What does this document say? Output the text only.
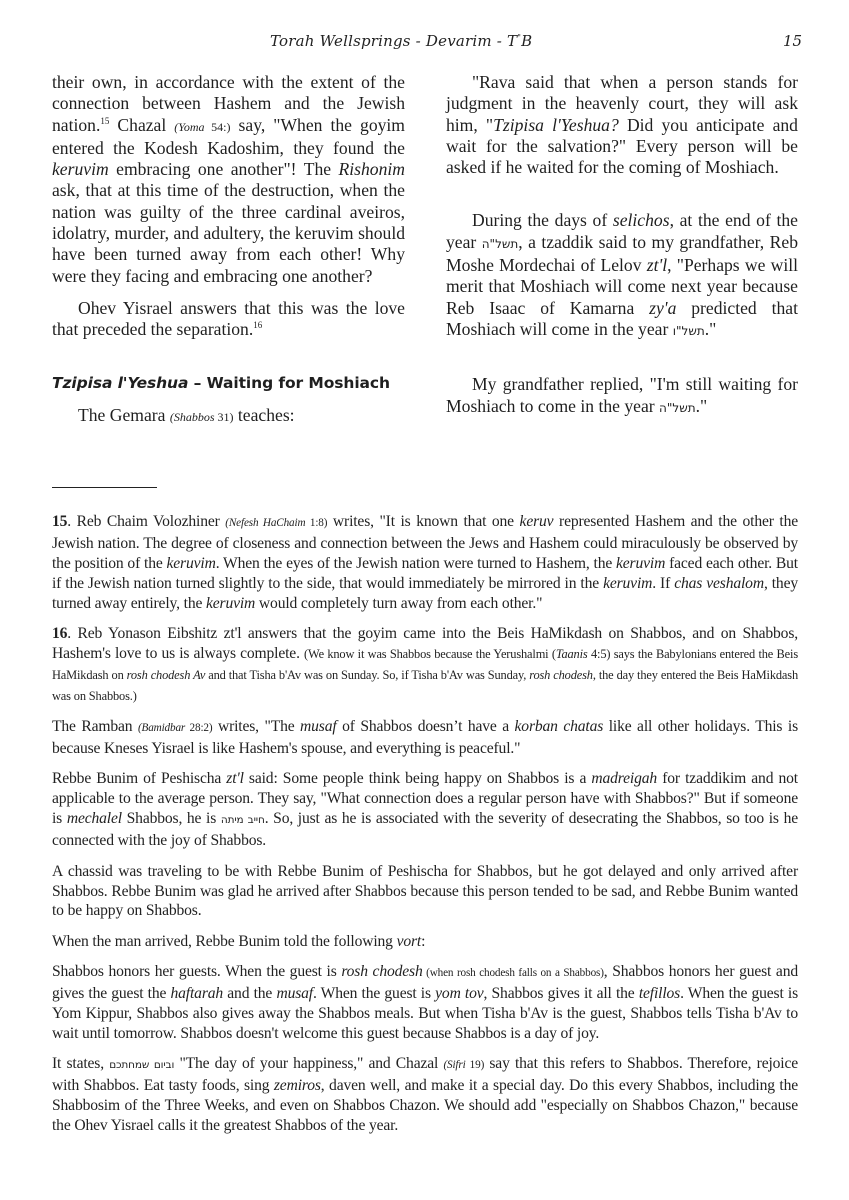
Torah Wellsprings - Devarim - T"B	15

their own, in accordance with the extent of the connection between Hashem and the Jewish nation.$^{15}$ Chazal (Yoma 54:) say, "When the goyim entered the Kodesh Kadoshim, they found the keruvim embracing one another"! The Rishonim ask, that at this time of the destruction, when the nation was guilty of the three cardinal aveiros, idolatry, murder, and adultery, the keruvim should have been turned away from each other! Why were they facing and embracing one another?

Ohev Yisrael answers that this was the love that preceded the separation.$^{16}$

Tzipisa l'Yeshua – Waiting for Moshiach

The Gemara (Shabbos 31) teaches:

"Rava said that when a person stands for judgment in the heavenly court, they will ask him, "Tzipisa l'Yeshua? Did you anticipate and wait for the salvation?" Every person will be asked if he waited for the coming of Moshiach.

During the days of selichos, at the end of the year תשל"ה, a tzaddik said to my grandfather, Reb Moshe Mordechai of Lelov zt'l, "Perhaps we will merit that Moshiach will come next year because Reb Isaac of Kamarna zy'a predicted that Moshiach will come in the year תשל"ו."

My grandfather replied, "I'm still waiting for Moshiach to come in the year תשל"ה."

15. Reb Chaim Volozhiner (Nefesh HaChaim 1:8) writes, "It is known that one keruv represented Hashem and the other the Jewish nation. The degree of closeness and connection between the Jews and Hashem could miraculously be observed by the position of the keruvim. When the eyes of the Jewish nation were turned to Hashem, the keruvim faced each other. But if the Jewish nation turned slightly to the side, that would immediately be mirrored in the keruvim. If chas veshalom, they turned away entirely, the keruvim would completely turn away from each other."

16. Reb Yonason Eibshitz zt'l answers that the goyim came into the Beis HaMikdash on Shabbos, and on Shabbos, Hashem's love to us is always complete. (We know it was Shabbos because the Yerushalmi (Taanis 4:5) says the Babylonians entered the Beis HaMikdash on rosh chodesh Av and that Tisha b'Av was on Sunday. So, if Tisha b'Av was Sunday, rosh chodesh, the day they entered the Beis HaMikdash was on Shabbos.)

The Ramban (Bamidbar 28:2) writes, "The musaf of Shabbos doesn’t have a korban chatas like all other holidays. This is because Kneses Yisrael is like Hashem's spouse, and everything is peaceful."

Rebbe Bunim of Peshischa zt'l said: Some people think being happy on Shabbos is a madreigah for tzaddikim and not applicable to the average person. They say, "What connection does a regular person have with Shabbos?" But if someone is mechalel Shabbos, he is חייב מיתה. So, just as he is associated with the severity of desecrating the Shabbos, so too is he connected with the joy of Shabbos.

A chassid was traveling to be with Rebbe Bunim of Peshischa for Shabbos, but he got delayed and only arrived after Shabbos. Rebbe Bunim was glad he arrived after Shabbos because this person tended to be sad, and Rebbe Bunim wanted to be happy on Shabbos.

When the man arrived, Rebbe Bunim told the following vort:

Shabbos honors her guests. When the guest is rosh chodesh (when rosh chodesh falls on a Shabbos), Shabbos honors her guest and gives the guest the haftarah and the musaf. When the guest is yom tov, Shabbos gives it all the tefillos. When the guest is Yom Kippur, Shabbos also gives away the Shabbos meals. But when Tisha b'Av is the guest, Shabbos tells Tisha b'Av to wait until tomorrow. Shabbos doesn't welcome this guest because Shabbos is a day of joy.

It states, וביום שמחתכם "The day of your happiness," and Chazal (Sifri 19) say that this refers to Shabbos. Therefore, rejoice with Shabbos. Eat tasty foods, sing zemiros, daven well, and make it a special day. Do this every Shabbos, including the Shabbosim of the Three Weeks, and even on Shabbos Chazon. We should add "especially on Shabbos Chazon," because the Ohev Yisrael calls it the greatest Shabbos of the year.
